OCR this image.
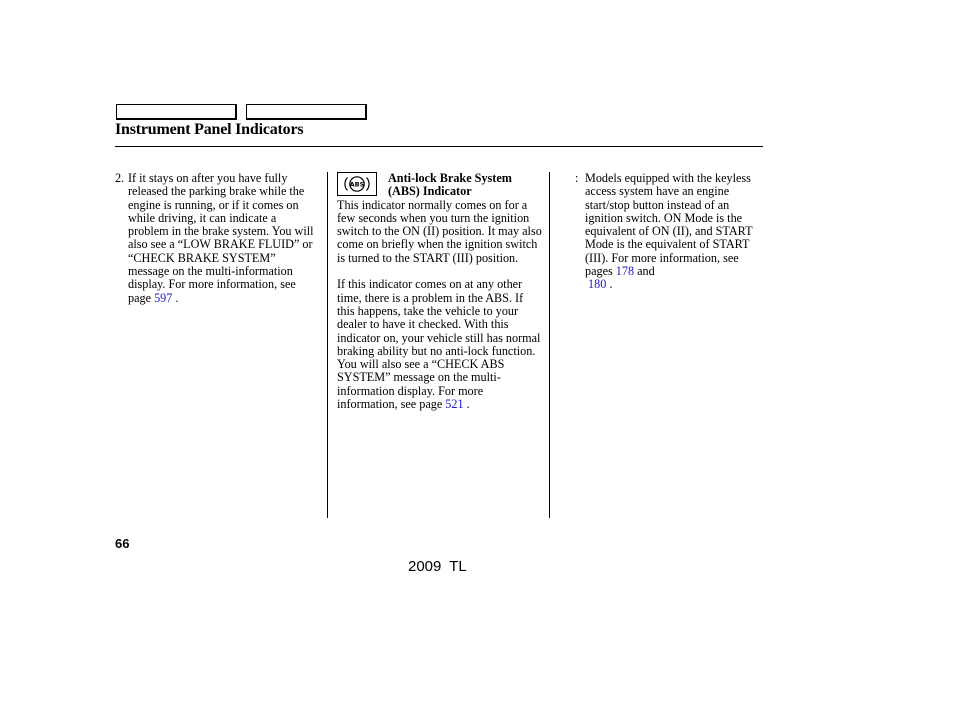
Instrument Panel Indicators
2. If it stays on after you have fully released the parking brake while the engine is running, or if it comes on while driving, it can indicate a problem in the brake system. You will also see a “LOW BRAKE FLUID” or “CHECK BRAKE SYSTEM” message on the multi-information display. For more information, see page 597 .

ABS Anti-lock Brake System (ABS) Indicator

This indicator normally comes on for a few seconds when you turn the ignition switch to the ON (II) position. It may also come on briefly when the ignition switch is turned to the START (III) position.

If this indicator comes on at any other time, there is a problem in the ABS. If this happens, take the vehicle to your dealer to have it checked. With this indicator on, your vehicle still has normal braking ability but no anti-lock function. You will also see a “CHECK ABS SYSTEM” message on the multi-information display. For more information, see page 521 .

: Models equipped with the keyless access system have an engine start/stop button instead of an ignition switch. ON Mode is the equivalent of ON (II), and START Mode is the equivalent of START (III). For more information, see pages 178 and
180 .

66
2009 TL
